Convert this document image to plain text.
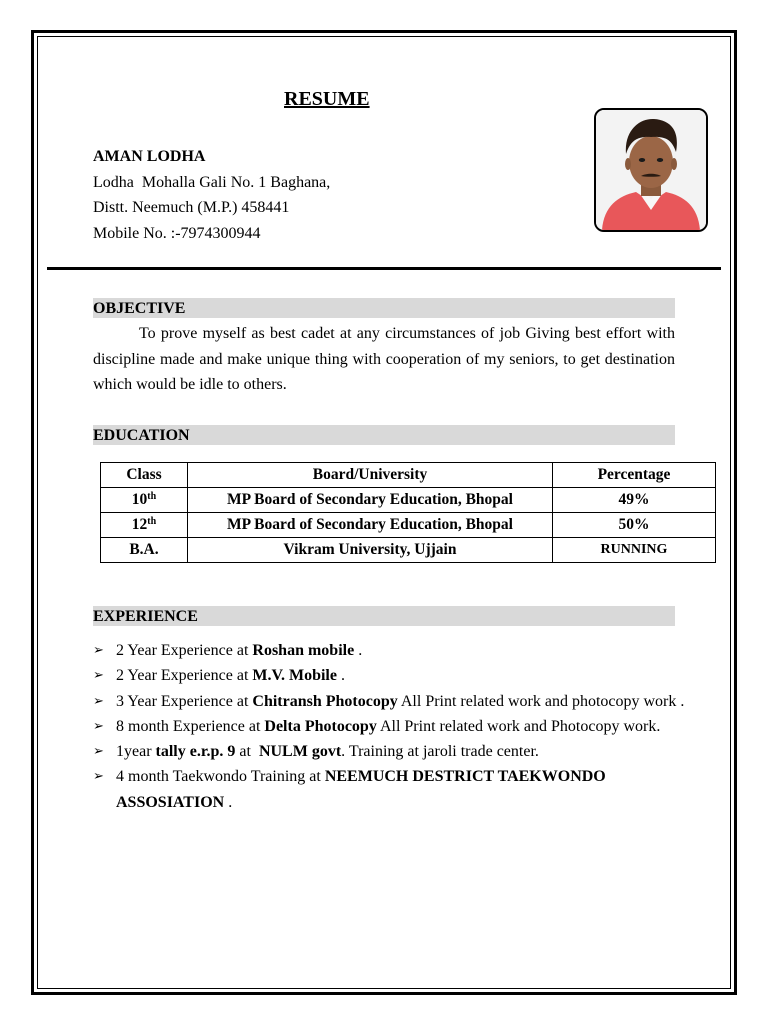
RESUME
AMAN LODHA
Lodha  Mohalla Gali No. 1 Baghana,
Distt. Neemuch (M.P.) 458441
Mobile No. :-7974300944
OBJECTIVE
To prove myself as best cadet at any circumstances of job Giving best effort with discipline made and make unique thing with cooperation of my seniors, to get destination which would be idle to others.
EDUCATION
Class	Board/University	Percentage
10th	MP Board of Secondary Education, Bhopal	49%
12th	MP Board of Secondary Education, Bhopal	50%
B.A.	Vikram University, Ujjain	RUNNING
EXPERIENCE
➢ 2 Year Experience at Roshan mobile .
➢ 2 Year Experience at M.V. Mobile .
➢ 3 Year Experience at Chitransh Photocopy All Print related work and photocopy work .
➢ 8 month Experience at Delta Photocopy All Print related work and Photocopy work.
➢ 1year tally e.r.p. 9 at  NULM govt. Training at jaroli trade center.
➢ 4 month Taekwondo Training at NEEMUCH DESTRICT TAEKWONDO ASSOSIATION .
